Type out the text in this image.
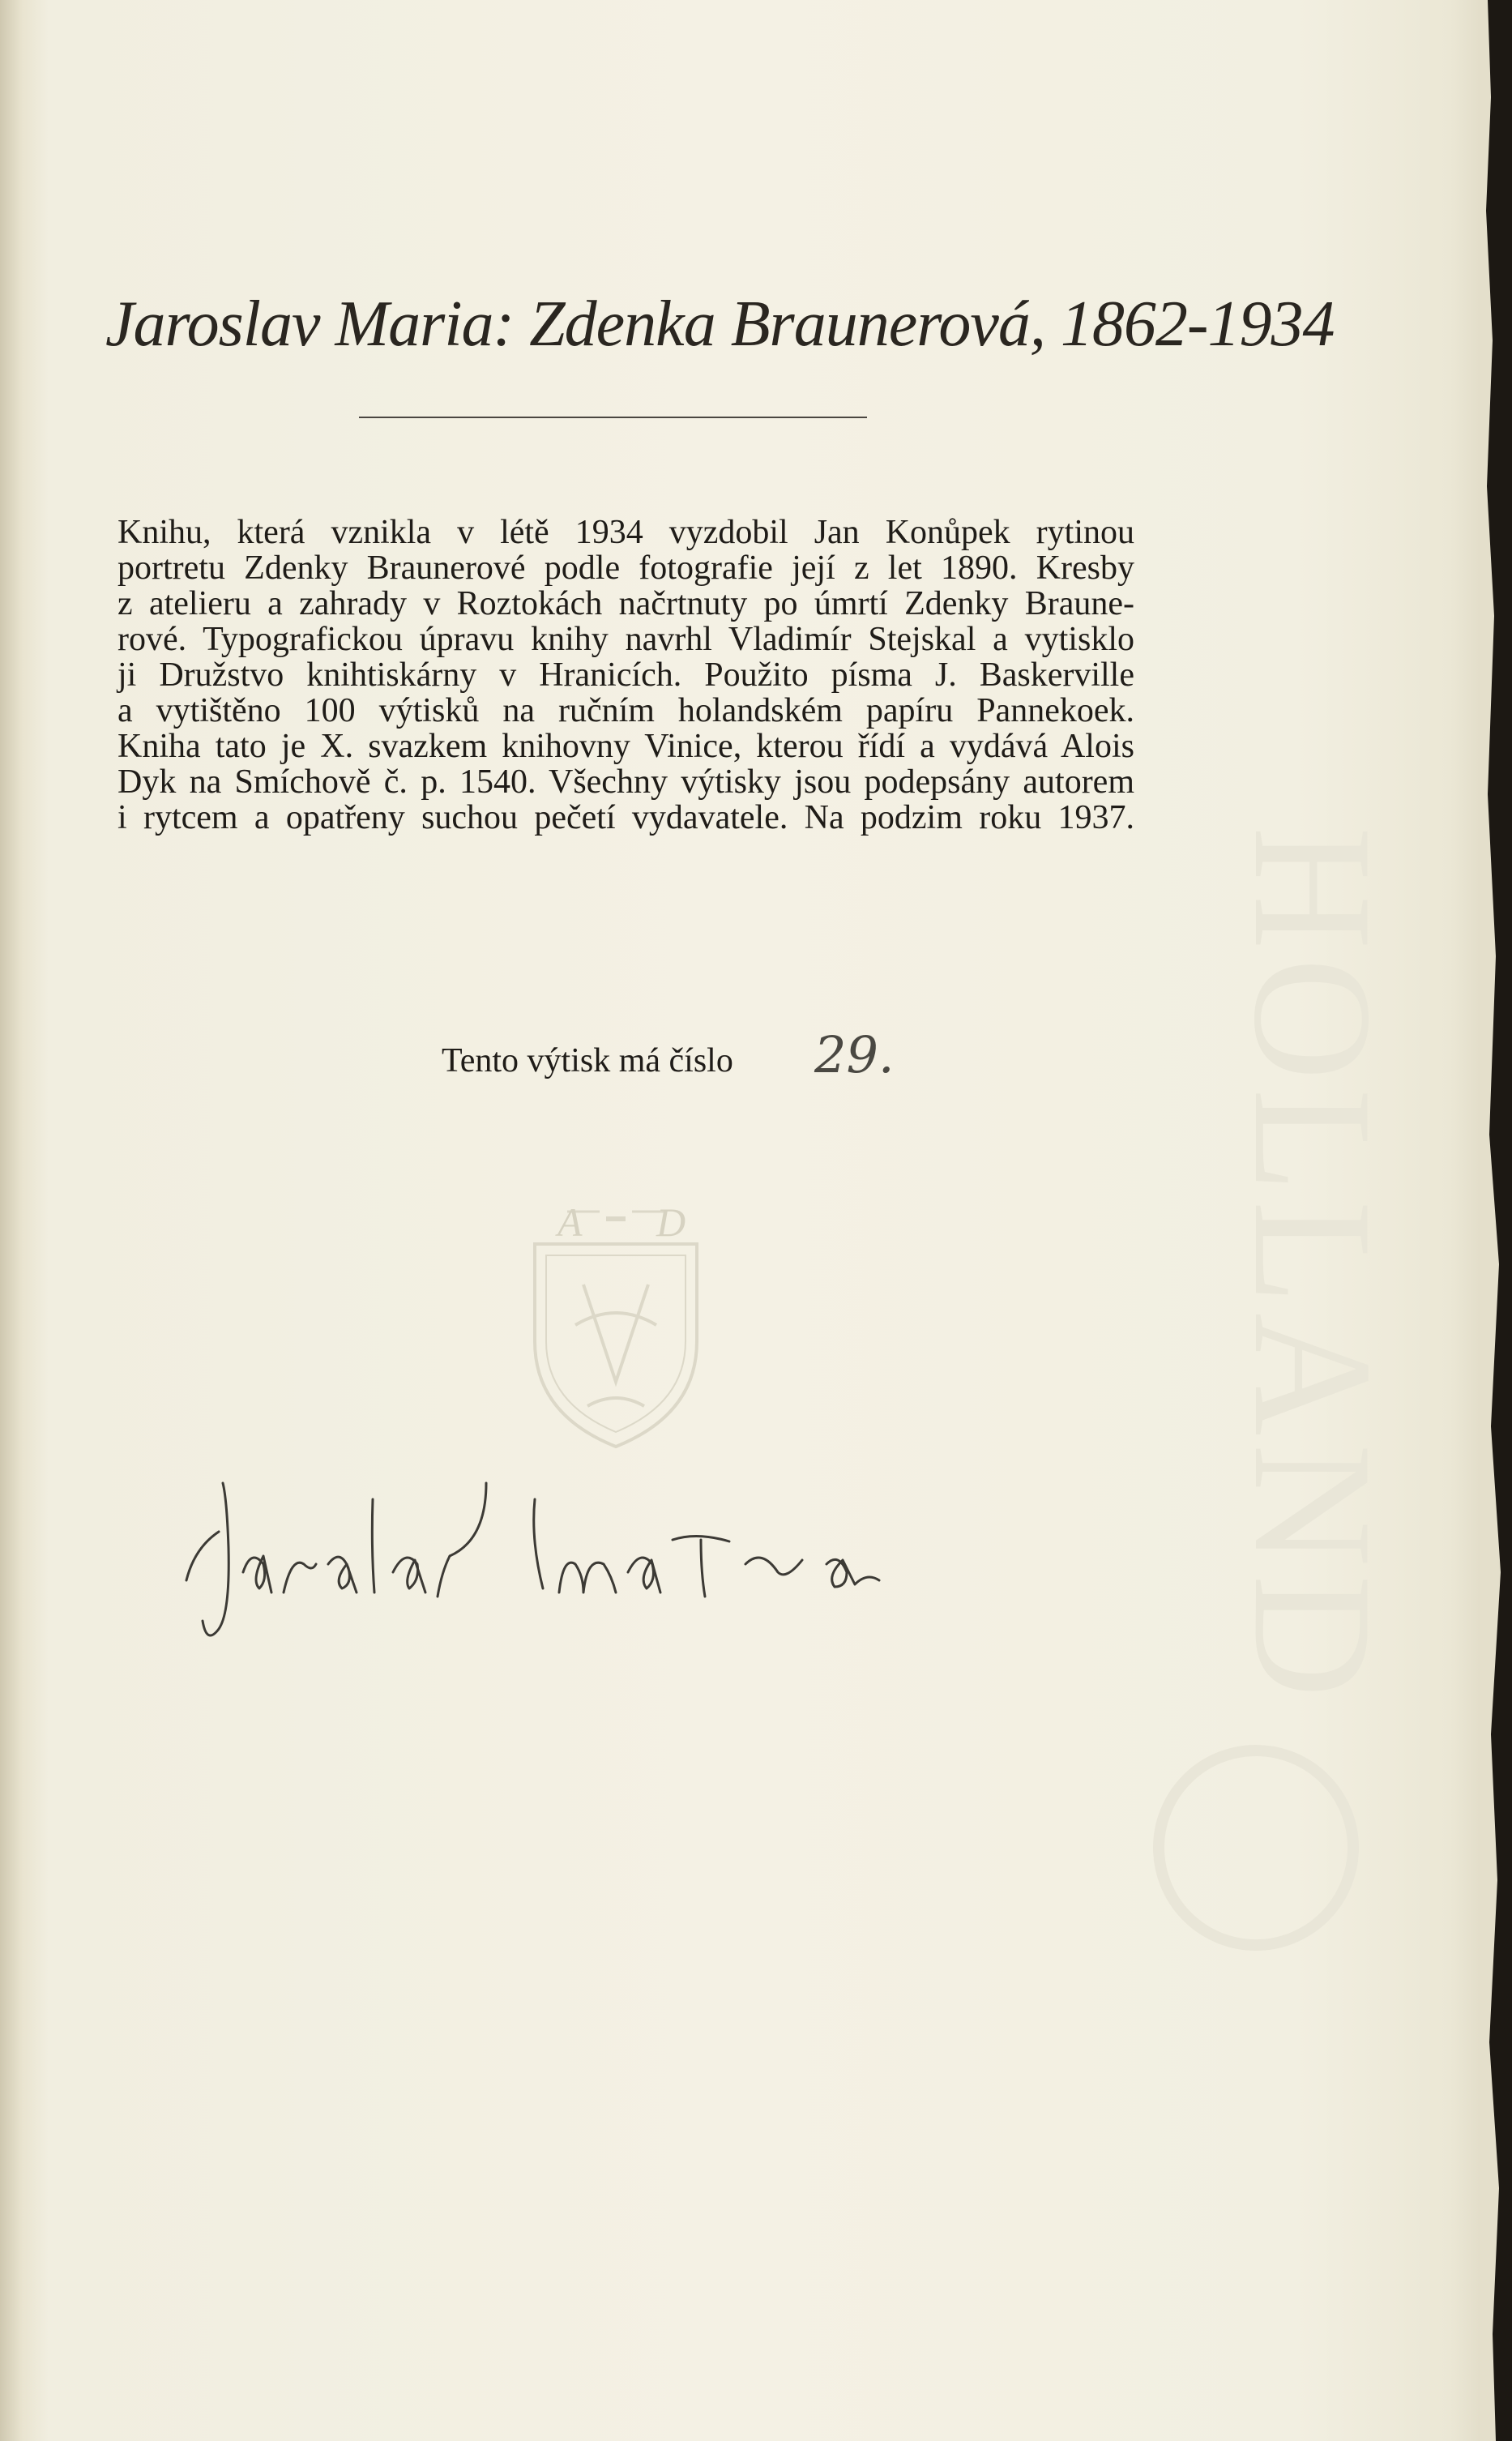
Jaroslav Maria: Zdenka Braunerová, 1862-1934
Knihu, která vznikla v létě 1934 vyzdobil Jan Konůpek rytinou
portretu Zdenky Braunerové podle fotografie její z let 1890. Kresby
z atelieru a zahrady v Roztokách načrtnuty po úmrtí Zdenky Braune-
rové. Typografickou úpravu knihy navrhl Vladimír Stejskal a vytisklo
ji Družstvo knihtiskárny v Hranicích. Použito písma J. Baskerville
a vytištěno 100 výtisků na ručním holandském papíru Pannekoek.
Kniha tato je X. svazkem knihovny Vinice, kterou řídí a vydává Alois
Dyk na Smíchově č. p. 1540. Všechny výtisky jsou podepsány autorem
i rytcem a opatřeny suchou pečetí vydavatele. Na podzim roku 1937.
Tento výtisk má číslo 29.
A D	HOLLAND
